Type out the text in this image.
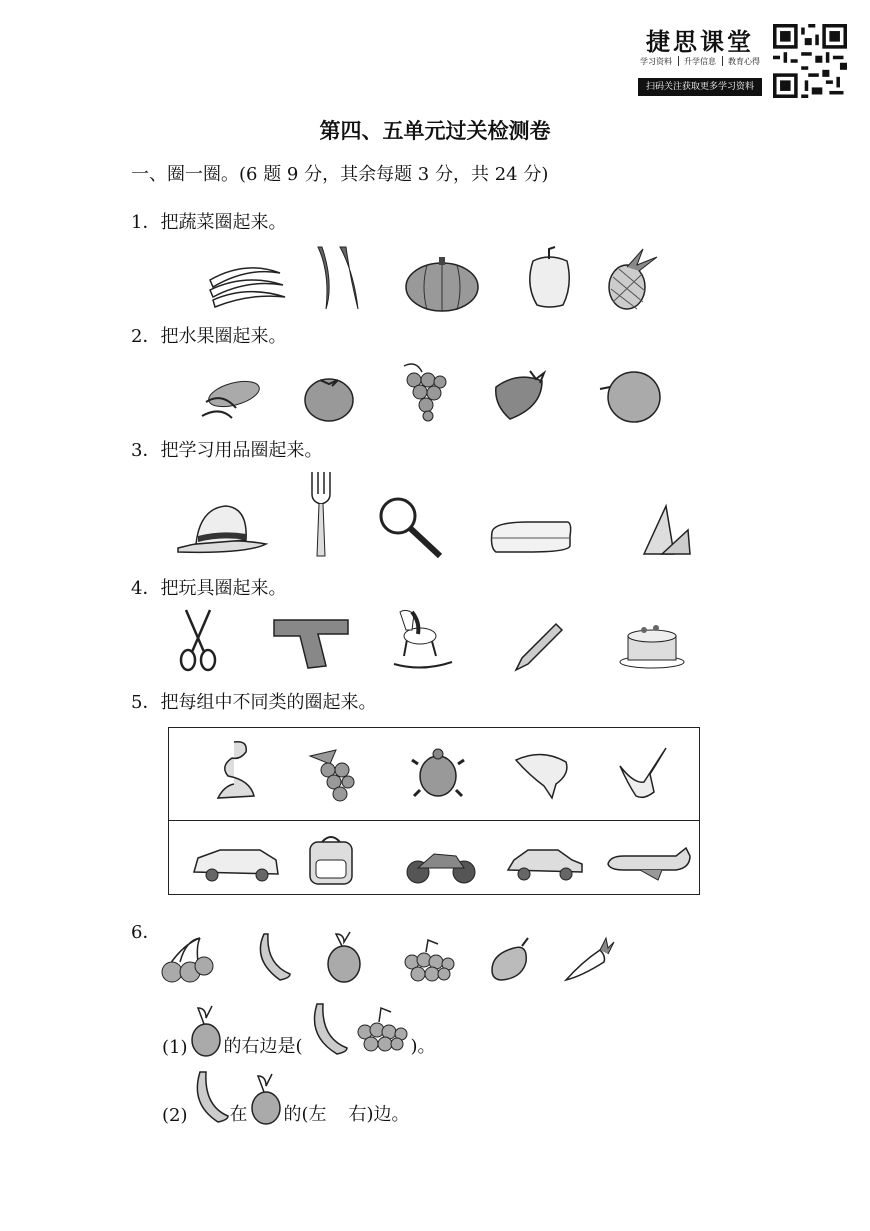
捷思课堂
学习资料 升学信息 教育心得
扫码关注获取更多学习资料
第四、五单元过关检测卷
一、圈一圈。(6 题 9 分，其余每题 3 分，共 24 分)
1．把蔬菜圈起来。
2．把水果圈起来。
3．把学习用品圈起来。
4．把玩具圈起来。
5．把每组中不同类的圈起来。
6．
(1) 的右边是(	)。
(2) 在 的(左 右)边。
